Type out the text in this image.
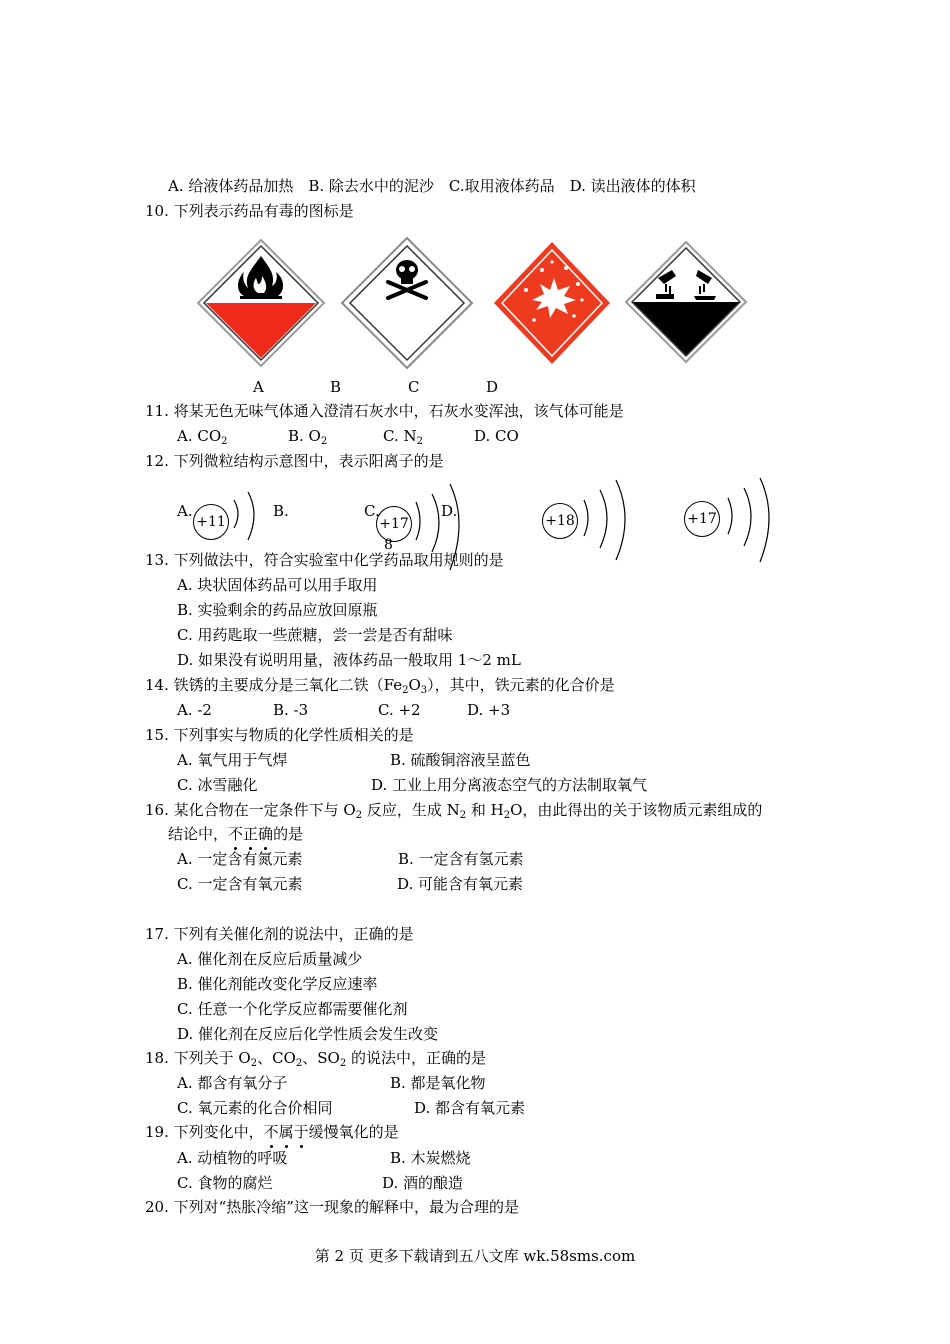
A. 给液体药品加热　B. 除去水中的泥沙　C.取用液体药品　D. 读出液体的体积
10. 下列表示药品有毒的图标是
A	B	C	D
11. 将某无色无味气体通入澄清石灰水中，石灰水变浑浊，该气体可能是
A. $CO_2$	B. $O_2$	C. $N_2$	D. CO
12. 下列微粒结构示意图中，表示阳离子的是
A.	B.	C.	D.
+11	+17
8
+18	+17
13. 下列做法中，符合实验室中化学药品取用规则的是
A. 块状固体药品可以用手取用
B. 实验剩余的药品应放回原瓶
C. 用药匙取一些蔗糖，尝一尝是否有甜味
D. 如果没有说明用量，液体药品一般取用 1～2 mL
14. 铁锈的主要成分是三氧化二铁$(Fe_2O_3)$，其中，铁元素的化合价是
A. -2	B. -3	C. +2	D. +3
15. 下列事实与物质的化学性质相关的是
A. 氧气用于气焊	B. 硫酸铜溶液呈蓝色
C. 冰雪融化	D. 工业上用分离液态空气的方法制取氧气
16. 某化合物在一定条件下与 $O_2$ 反应，生成 $N_2$ 和 $H_2O$，由此得出的关于该物质元素组成的
结论中，不正确的是
A. 一定含有氮元素	B. 一定含有氢元素
C. 一定含有氧元素	D. 可能含有氧元素
17. 下列有关催化剂的说法中，正确的是
A. 催化剂在反应后质量减少
B. 催化剂能改变化学反应速率
C. 任意一个化学反应都需要催化剂
D. 催化剂在反应后化学性质会发生改变
18. 下列关于 $O_2$、$CO_2$、$SO_2$ 的说法中，正确的是
A. 都含有氧分子	B. 都是氧化物
C. 氧元素的化合价相同	D. 都含有氧元素
19. 下列变化中，不属于缓慢氧化的是
A. 动植物的呼吸	B. 木炭燃烧
C. 食物的腐烂	D. 酒的酿造
20. 下列对“热胀冷缩”这一现象的解释中，最为合理的是
第 2 页 更多下载请到五八文库 wk.58sms.com
